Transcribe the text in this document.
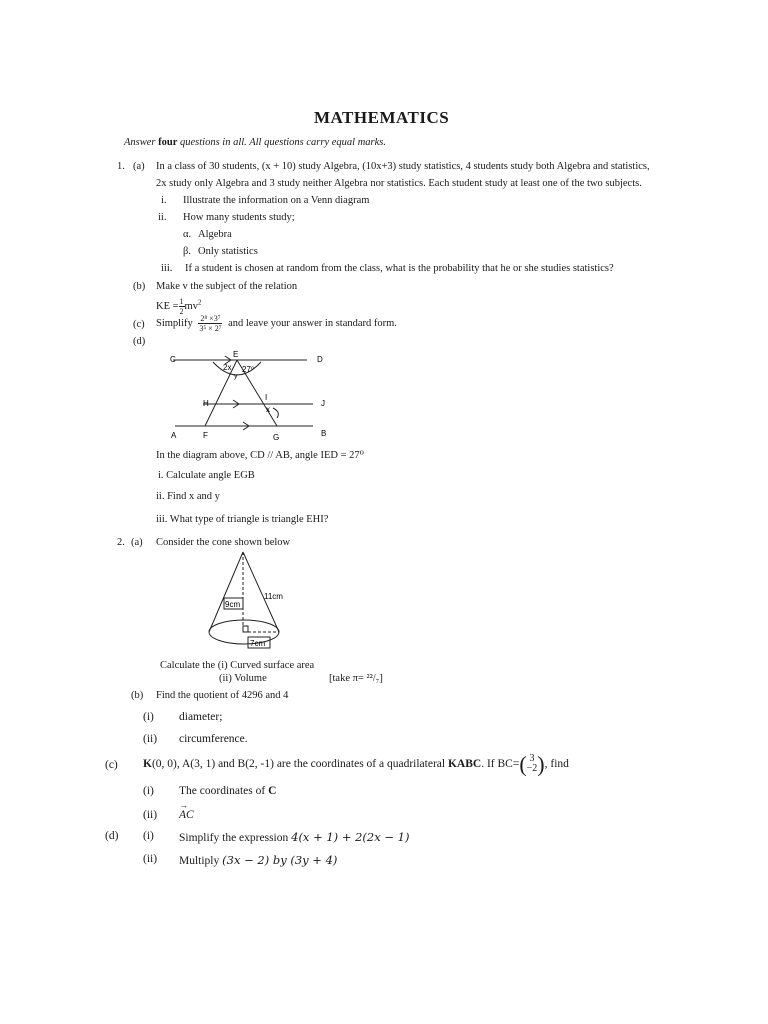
MATHEMATICS
Answer four questions in all. All questions carry equal marks.
1. (a) In a class of 30 students, (x + 10) study Algebra, (10x+3) study statistics, 4 students study both Algebra and statistics,
2x study only Algebra and 3 study neither Algebra nor statistics. Each student study at least one of the two subjects.
i. Illustrate the information on a Venn diagram
ii. How many students study;
α. Algebra
β. Only statistics
iii. If a student is chosen at random from the class, what is the probability that he or she studies statistics?
(b) Make v the subject of the relation
KE = $\frac{1}{2} mv^2$
(c) Simplify $\frac{\text{2⁸ ×3⁷}}{\text{3⁵ × 2⁷}}$ and leave your answer in standard form.
(d)
C
E
D
H
I
J
A	F	G	B
2x
y
27⁰
x
In the diagram above, CD // AB, angle IED = 27⁰
i. Calculate angle EGB
ii. Find x and y
iii. What type of triangle is triangle EHI?
2. (a) Consider the cone shown below
11cm
9cm
7cm
Calculate the (i) Curved surface area
(ii) Volume	[take π= ²²/₇]
(b) Find the quotient of 4296 and 4
(i) diameter;
(ii) circumference.
(c) K(0, 0), A(3, 1) and B(2, -1) are the coordinates of a quadrilateral KABC. If BC=( 3
−2 ), find
(i) The coordinates of C
(ii)
→
AC
(d) (i) Simplify the expression 4(x + 1) + 2(2x − 1)
(ii) Multiply (3x − 2) by (3y + 4)
